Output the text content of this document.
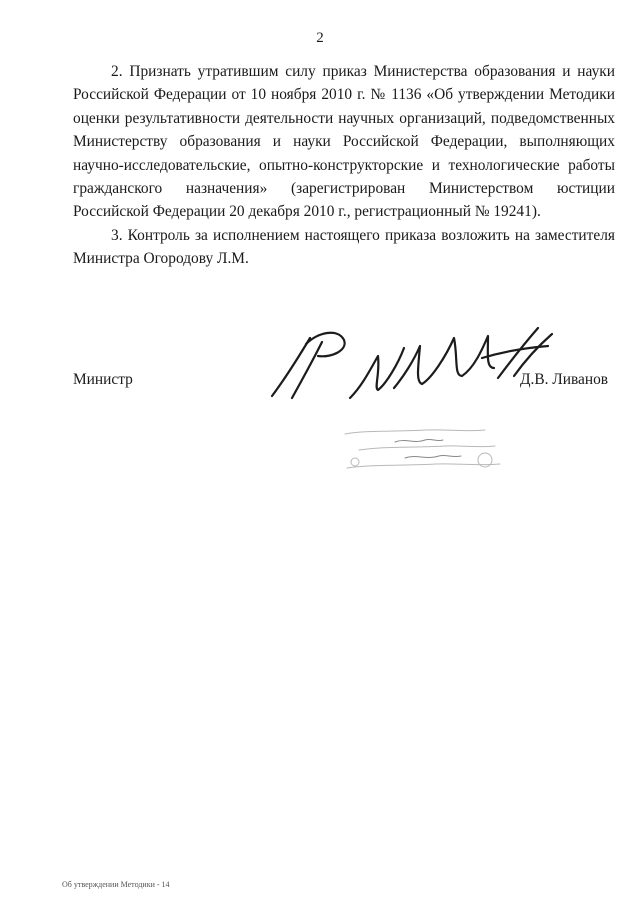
2

2. Признать утратившим силу приказ Министерства образования и науки Российской Федерации от 10 ноября 2010 г. № 1136 «Об утверждении Методики оценки результативности деятельности научных организаций, подведомственных Министерству образования и науки Российской Федерации, выполняющих научно-исследовательские, опытно-конструкторские и технологические работы гражданского назначения» (зарегистрирован Министерством юстиции Российской Федерации 20 декабря 2010 г., регистрационный № 19241).

3. Контроль за исполнением настоящего приказа возложить на заместителя Министра Огородову Л.М.

Министр	Д.В. Ливанов
Об утверждении Методики - 14
